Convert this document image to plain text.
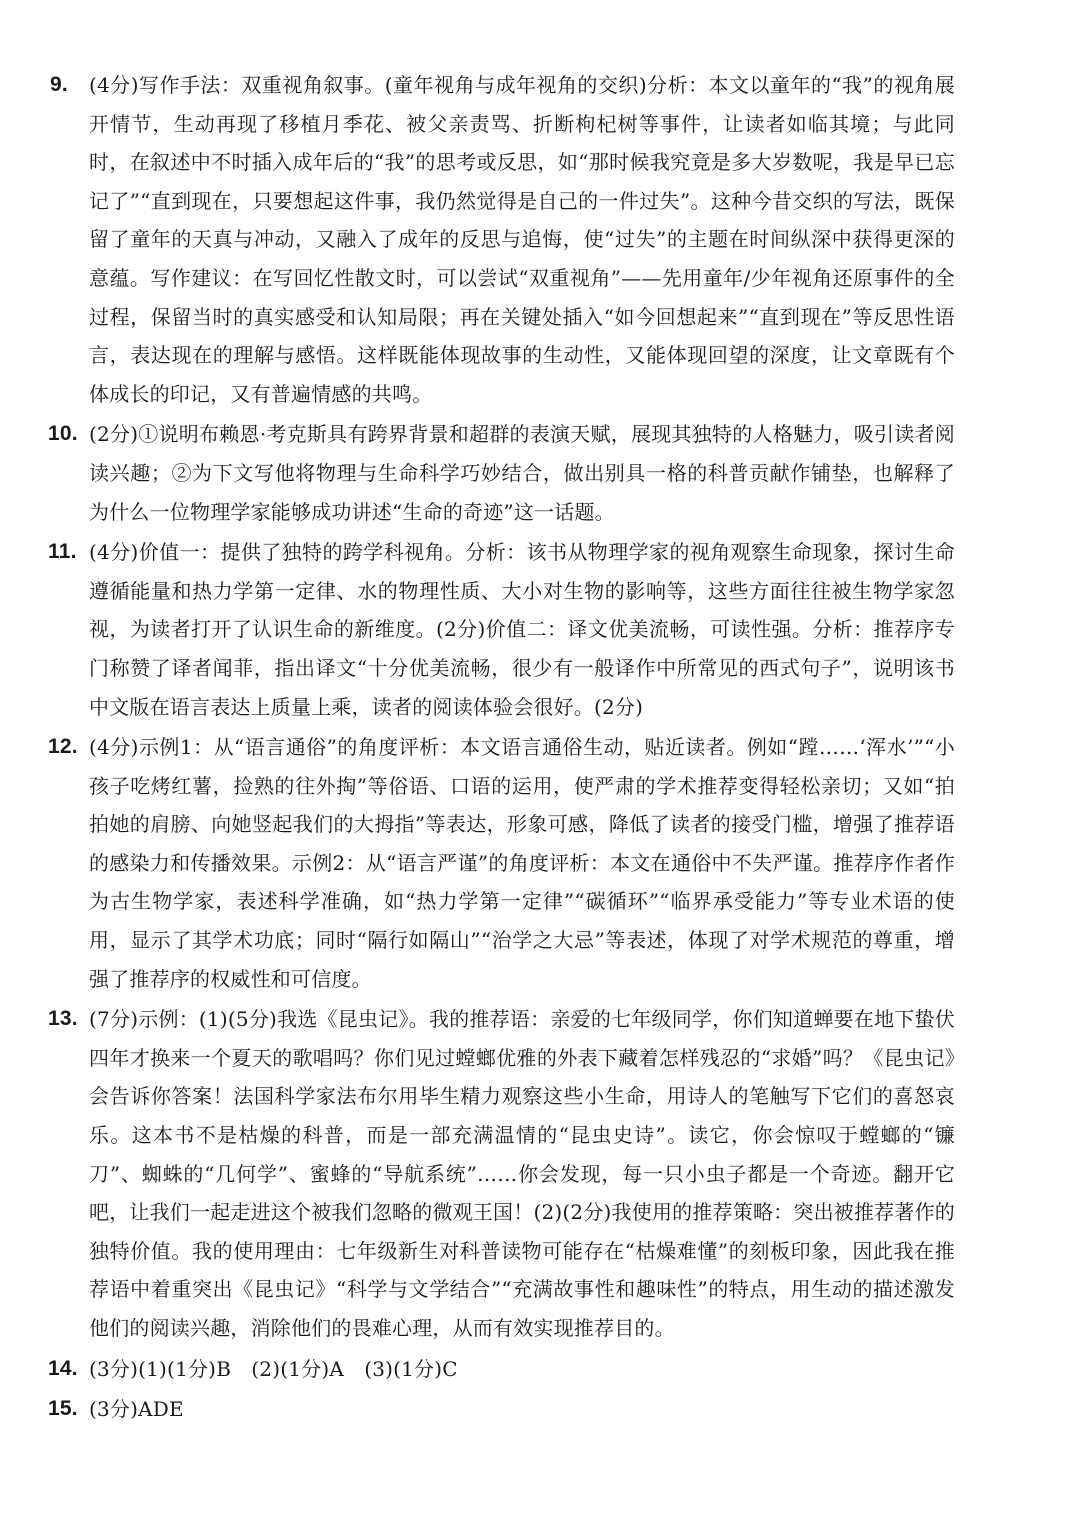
9. (4分)写作手法：双重视角叙事。(童年视角与成年视角的交织)分析：本文以童年的“我”的视角展开情节，生动再现了移植月季花、被父亲责骂、折断枸杞树等事件，让读者如临其境；与此同时，在叙述中不时插入成年后的“我”的思考或反思，如“那时候我究竟是多大岁数呢，我是早已忘记了”“直到现在，只要想起这件事，我仍然觉得是自己的一件过失”。这种今昔交织的写法，既保留了童年的天真与冲动，又融入了成年的反思与追悔，使“过失”的主题在时间纵深中获得更深的意蕴。写作建议：在写回忆性散文时，可以尝试“双重视角”——先用童年/少年视角还原事件的全过程，保留当时的真实感受和认知局限；再在关键处插入“如今回想起来”“直到现在”等反思性语言，表达现在的理解与感悟。这样既能体现故事的生动性，又能体现回望的深度，让文章既有个体成长的印记，又有普遍情感的共鸣。
10. (2分)①说明布赖恩·考克斯具有跨界背景和超群的表演天赋，展现其独特的人格魅力，吸引读者阅读兴趣；②为下文写他将物理与生命科学巧妙结合，做出别具一格的科普贡献作铺垫，也解释了为什么一位物理学家能够成功讲述“生命的奇迹”这一话题。
11. (4分)价值一：提供了独特的跨学科视角。分析：该书从物理学家的视角观察生命现象，探讨生命遵循能量和热力学第一定律、水的物理性质、大小对生物的影响等，这些方面往往被生物学家忽视，为读者打开了认识生命的新维度。(2分)价值二：译文优美流畅，可读性强。分析：推荐序专门称赞了译者闻菲，指出译文“十分优美流畅，很少有一般译作中所常见的西式句子”，说明该书中文版在语言表达上质量上乘，读者的阅读体验会很好。(2分)
12. (4分)示例1：从“语言通俗”的角度评析：本文语言通俗生动，贴近读者。例如“蹚……‘浑水’”“小孩子吃烤红薯，捡熟的往外掏”等俗语、口语的运用，使严肃的学术推荐变得轻松亲切；又如“拍拍她的肩膀、向她竖起我们的大拇指”等表达，形象可感，降低了读者的接受门槛，增强了推荐语的感染力和传播效果。示例2：从“语言严谨”的角度评析：本文在通俗中不失严谨。推荐序作者作为古生物学家，表述科学准确，如“热力学第一定律”“碳循环”“临界承受能力”等专业术语的使用，显示了其学术功底；同时“隔行如隔山”“治学之大忌”等表述，体现了对学术规范的尊重，增强了推荐序的权威性和可信度。
13. (7分)示例：(1)(5分)我选《昆虫记》。我的推荐语：亲爱的七年级同学，你们知道蝉要在地下蛰伏四年才换来一个夏天的歌唱吗？你们见过螳螂优雅的外表下藏着怎样残忍的“求婚”吗？《昆虫记》会告诉你答案！法国科学家法布尔用毕生精力观察这些小生命，用诗人的笔触写下它们的喜怒哀乐。这本书不是枯燥的科普，而是一部充满温情的“昆虫史诗”。读它，你会惊叹于螳螂的“镰刀”、蜘蛛的“几何学”、蜜蜂的“导航系统”……你会发现，每一只小虫子都是一个奇迹。翻开它吧，让我们一起走进这个被我们忽略的微观王国！(2)(2分)我使用的推荐策略：突出被推荐著作的独特价值。我的使用理由：七年级新生对科普读物可能存在“枯燥难懂”的刻板印象，因此我在推荐语中着重突出《昆虫记》“科学与文学结合”“充满故事性和趣味性”的特点，用生动的描述激发他们的阅读兴趣，消除他们的畏难心理，从而有效实现推荐目的。
14. (3分)(1)(1分)B　(2)(1分)A　(3)(1分)C
15. (3分)ADE
